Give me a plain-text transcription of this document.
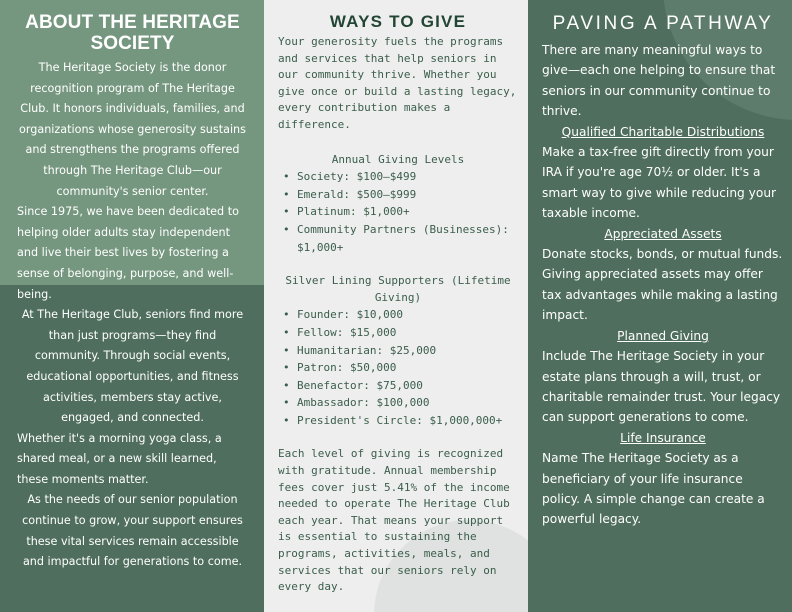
ABOUT THE HERITAGE SOCIETY

The Heritage Society is the donor recognition program of The Heritage Club. It honors individuals, families, and organizations whose generosity sustains and strengthens the programs offered through The Heritage Club—our community's senior center.

Since 1975, we have been dedicated to helping older adults stay independent and live their best lives by fostering a sense of belonging, purpose, and well-being.

At The Heritage Club, seniors find more than just programs—they find community. Through social events, educational opportunities, and fitness activities, members stay active, engaged, and connected.

Whether it's a morning yoga class, a shared meal, or a new skill learned, these moments matter.

As the needs of our senior population continue to grow, your support ensures these vital services remain accessible and impactful for generations to come.

WAYS TO GIVE

Your generosity fuels the programs and services that help seniors in our community thrive. Whether you give once or build a lasting legacy, every contribution makes a difference.

Annual Giving Levels
• Society: $100–$499
• Emerald: $500–$999
• Platinum: $1,000+
• Community Partners (Businesses): $1,000+
Silver Lining Supporters (Lifetime Giving)
• Founder: $10,000
• Fellow: $15,000
• Humanitarian: $25,000
• Patron: $50,000
• Benefactor: $75,000
• Ambassador: $100,000
• President's Circle: $1,000,000+

Each level of giving is recognized with gratitude. Annual membership fees cover just 5.41% of the income needed to operate The Heritage Club each year. That means your support is essential to sustaining the programs, activities, meals, and services that our seniors rely on every day.

PAVING A PATHWAY

There are many meaningful ways to give—each one helping to ensure that seniors in our community continue to thrive.

Qualified Charitable Distributions

Make a tax-free gift directly from your IRA if you're age 70½ or older. It's a smart way to give while reducing your taxable income.

Appreciated Assets

Donate stocks, bonds, or mutual funds. Giving appreciated assets may offer tax advantages while making a lasting impact.

Planned Giving

Include The Heritage Society in your estate plans through a will, trust, or charitable remainder trust. Your legacy can support generations to come.

Life Insurance

Name The Heritage Society as a beneficiary of your life insurance policy. A simple change can create a powerful legacy.
